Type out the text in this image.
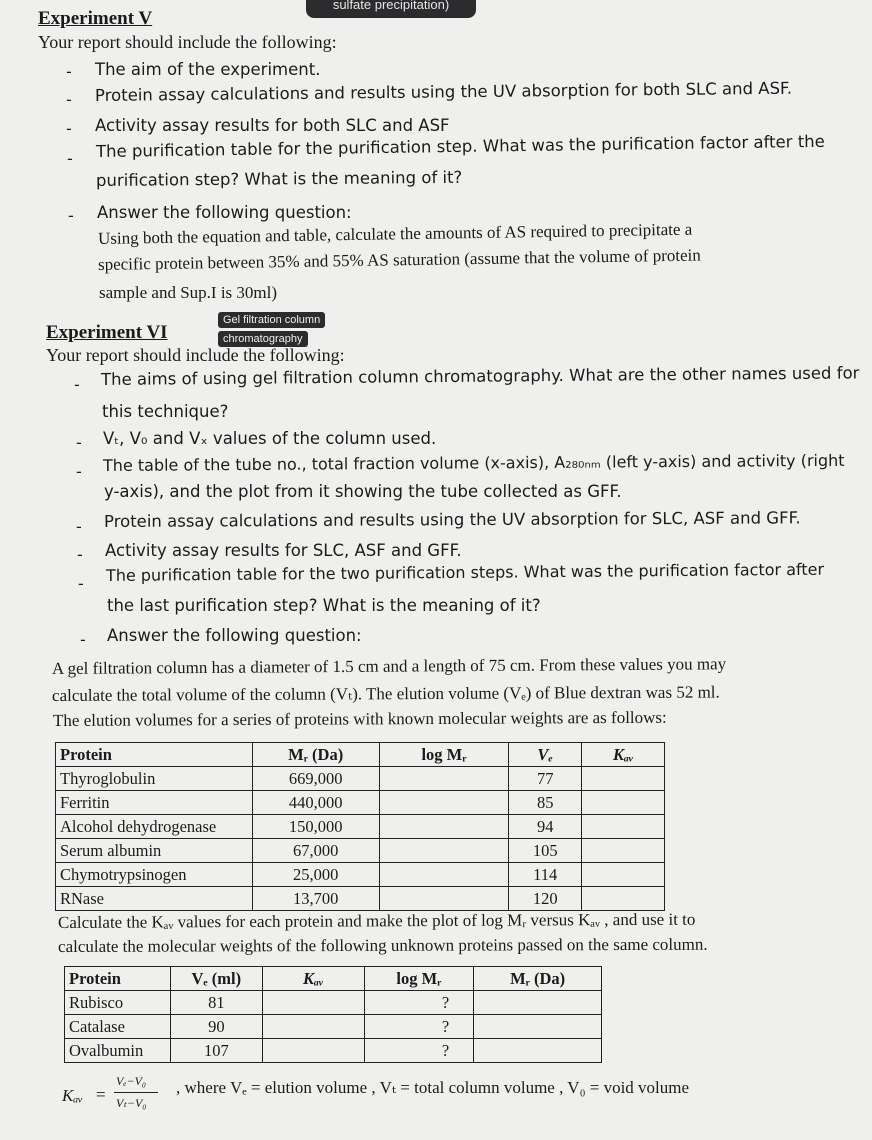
sulfate precipitation)
Experiment V
Your report should include the following:
- The aim of the experiment.
- Protein assay calculations and results using the UV absorption for both SLC and ASF.
- Activity assay results for both SLC and ASF
- The purification table for the purification step. What was the purification factor after the
purification step? What is the meaning of it?
- Answer the following question:
Using both the equation and table, calculate the amounts of AS required to precipitate a
specific protein between 35% and 55% AS saturation (assume that the volume of protein
sample and Sup.I is 30ml)
Experiment VI
Gel filtration column
chromatography
Your report should include the following:
- The aims of using gel filtration column chromatography. What are the other names used for
this technique?
- Vₜ, V₀ and Vₓ values of the column used.
- The table of the tube no., total fraction volume (x-axis), A₂₈₀ₙₘ (left y-axis) and activity (right
y-axis), and the plot from it showing the tube collected as GFF.
- Protein assay calculations and results using the UV absorption for SLC, ASF and GFF.
- Activity assay results for SLC, ASF and GFF.
- The purification table for the two purification steps. What was the purification factor after
the last purification step? What is the meaning of it?
- Answer the following question:
A gel filtration column has a diameter of 1.5 cm and a length of 75 cm. From these values you may
calculate the total volume of the column (Vₜ). The elution volume (Vₑ) of Blue dextran was 52 ml.
The elution volumes for a series of proteins with known molecular weights are as follows:
Protein	Mᵣ (Da)	log Mᵣ	Vₑ	Kₐᵥ
Thyroglobulin	669,000		77	
Ferritin	440,000		85	
Alcohol dehydrogenase	150,000		94	
Serum albumin	67,000		105	
Chymotrypsinogen	25,000		114	
RNase	13,700		120	
Calculate the Kₐᵥ values for each protein and make the plot of log Mᵣ versus Kₐᵥ , and use it to
calculate the molecular weights of the following unknown proteins passed on the same column.
Protein	Vₑ (ml)	Kₐᵥ	log Mᵣ	Mᵣ (Da)
Rubisco	81		?	
Catalase	90		?	
Ovalbumin	107		?	
Kₐᵥ =
Vₑ−V₀
Vₜ−V₀
, where Vₑ = elution volume , Vₜ = total column volume , V₀ = void volume
